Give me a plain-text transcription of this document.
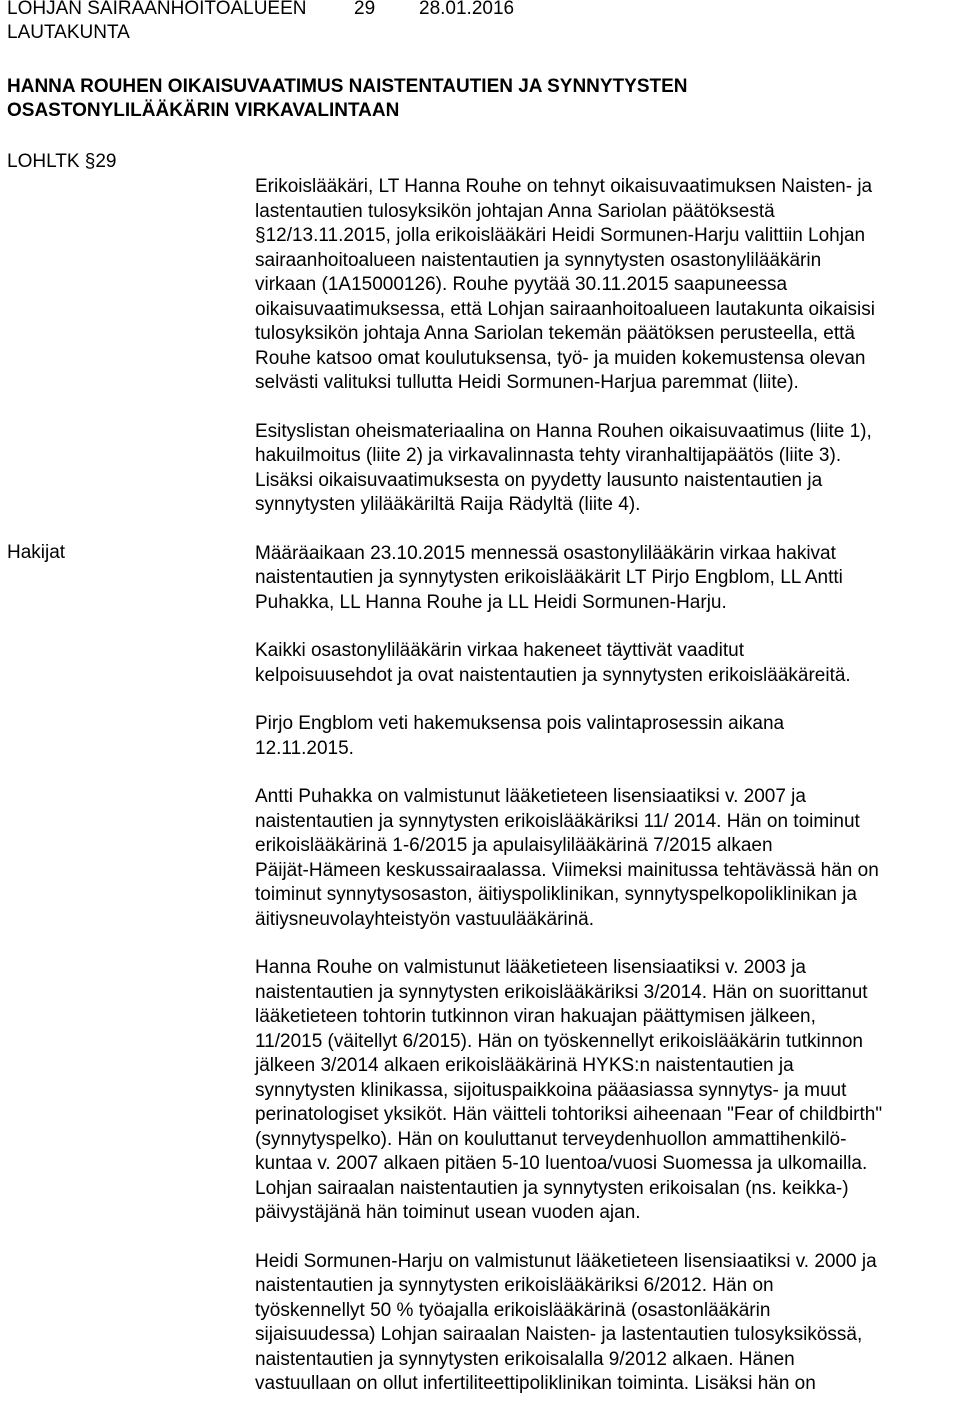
LOHJAN SAIRAANHOITOALUEEN	29	28.01.2016
LAUTAKUNTA
HANNA ROUHEN OIKAISUVAATIMUS NAISTENTAUTIEN JA SYNNYTYSTEN
OSASTONYLILÄÄKÄRIN VIRKAVALINTAAN
LOHLTK §29
Hakijat

Erikoislääkäri, LT Hanna Rouhe on tehnyt oikaisuvaatimuksen Naisten- ja
lastentautien tulosyksikön johtajan Anna Sariolan päätöksestä
§12/13.11.2015, jolla erikoislääkäri Heidi Sormunen-Harju valittiin Lohjan
sairaanhoitoalueen naistentautien ja synnytysten osastonylilääkärin
virkaan (1A15000126). Rouhe pyytää 30.11.2015 saapuneessa
oikaisuvaatimuksessa, että Lohjan sairaanhoitoalueen lautakunta oikaisisi
tulosyksikön johtaja Anna Sariolan tekemän päätöksen perusteella, että
Rouhe katsoo omat koulutuksensa, työ- ja muiden kokemustensa olevan
selvästi valituksi tullutta Heidi Sormunen-Harjua paremmat (liite).

Esityslistan oheismateriaalina on Hanna Rouhen oikaisuvaatimus (liite 1),
hakuilmoitus (liite 2) ja virkavalinnasta tehty viranhaltijapäätös (liite 3).
Lisäksi oikaisuvaatimuksesta on pyydetty lausunto naistentautien ja
synnytysten ylilääkäriltä Raija Rädyltä (liite 4).

Määräaikaan 23.10.2015 mennessä osastonylilääkärin virkaa hakivat
naistentautien ja synnytysten erikoislääkärit LT Pirjo Engblom, LL Antti
Puhakka, LL Hanna Rouhe ja LL Heidi Sormunen-Harju.

Kaikki osastonylilääkärin virkaa hakeneet täyttivät vaaditut
kelpoisuusehdot ja ovat naistentautien ja synnytysten erikoislääkäreitä.

Pirjo Engblom veti hakemuksensa pois valintaprosessin aikana
12.11.2015.

Antti Puhakka on valmistunut lääketieteen lisensiaatiksi v. 2007 ja
naistentautien ja synnytysten erikoislääkäriksi 11/ 2014. Hän on toiminut
erikoislääkärinä 1-6/2015 ja apulaisylilääkärinä 7/2015 alkaen
Päijät-Hämeen keskussairaalassa. Viimeksi mainitussa tehtävässä hän on
toiminut synnytysosaston, äitiyspoliklinikan, synnytyspelkopoliklinikan ja
äitiysneuvolayhteistyön vastuulääkärinä.

Hanna Rouhe on valmistunut lääketieteen lisensiaatiksi v. 2003 ja
naistentautien ja synnytysten erikoislääkäriksi 3/2014. Hän on suorittanut
lääketieteen tohtorin tutkinnon viran hakuajan päättymisen jälkeen,
11/2015 (väitellyt 6/2015). Hän on työskennellyt erikoislääkärin tutkinnon
jälkeen 3/2014 alkaen erikoislääkärinä HYKS:n naistentautien ja
synnytysten klinikassa, sijoituspaikkoina pääasiassa synnytys- ja muut
perinatologiset yksiköt. Hän väitteli tohtoriksi aiheenaan "Fear of childbirth"
(synnytyspelko). Hän on kouluttanut terveydenhuollon ammattihenkilö-
kuntaa v. 2007 alkaen pitäen 5-10 luentoa/vuosi Suomessa ja ulkomailla.
Lohjan sairaalan naistentautien ja synnytysten erikoisalan (ns. keikka-)
päivystäjänä hän toiminut usean vuoden ajan.

Heidi Sormunen-Harju on valmistunut lääketieteen lisensiaatiksi v. 2000 ja
naistentautien ja synnytysten erikoislääkäriksi 6/2012. Hän on
työskennellyt 50 % työajalla erikoislääkärinä (osastonlääkärin
sijaisuudessa) Lohjan sairaalan Naisten- ja lastentautien tulosyksikössä,
naistentautien ja synnytysten erikoisalalla 9/2012 alkaen. Hänen
vastuullaan on ollut infertiliteettipoliklinikan toiminta. Lisäksi hän on
